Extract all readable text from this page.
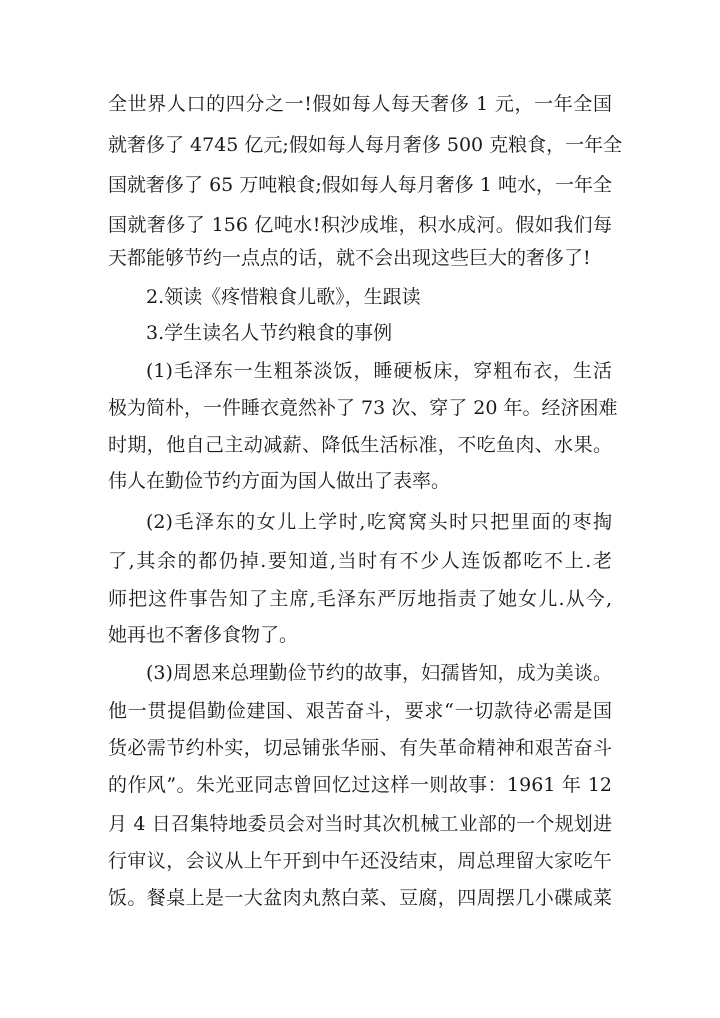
全世界人口的四分之一!假如每人每天奢侈 1 元，一年全国
就奢侈了 4745 亿元;假如每人每月奢侈 500 克粮食，一年全
国就奢侈了 65 万吨粮食;假如每人每月奢侈 1 吨水，一年全
国就奢侈了 156 亿吨水!积沙成堆，积水成河。假如我们每
天都能够节约一点点的话，就不会出现这些巨大的奢侈了!
2.领读《疼惜粮食儿歌》，生跟读
3.学生读名人节约粮食的事例
(1)毛泽东一生粗茶淡饭，睡硬板床，穿粗布衣，生活
极为简朴，一件睡衣竟然补了 73 次、穿了 20 年。经济困难
时期，他自己主动减薪、降低生活标准，不吃鱼肉、水果。
伟人在勤俭节约方面为国人做出了表率。
(2)毛泽东的女儿上学时,吃窝窝头时只把里面的枣掏
了,其余的都仍掉.要知道,当时有不少人连饭都吃不上.老
师把这件事告知了主席,毛泽东严厉地指责了她女儿.从今,
她再也不奢侈食物了。
(3)周恩来总理勤俭节约的故事，妇孺皆知，成为美谈。
他一贯提倡勤俭建国、艰苦奋斗，要求“一切款待必需是国
货必需节约朴实，切忌铺张华丽、有失革命精神和艰苦奋斗
的作风”。朱光亚同志曾回忆过这样一则故事：1961 年 12
月 4 日召集特地委员会对当时其次机械工业部的一个规划进
行审议，会议从上午开到中午还没结束，周总理留大家吃午
饭。餐桌上是一大盆肉丸熬白菜、豆腐，四周摆几小碟咸菜
